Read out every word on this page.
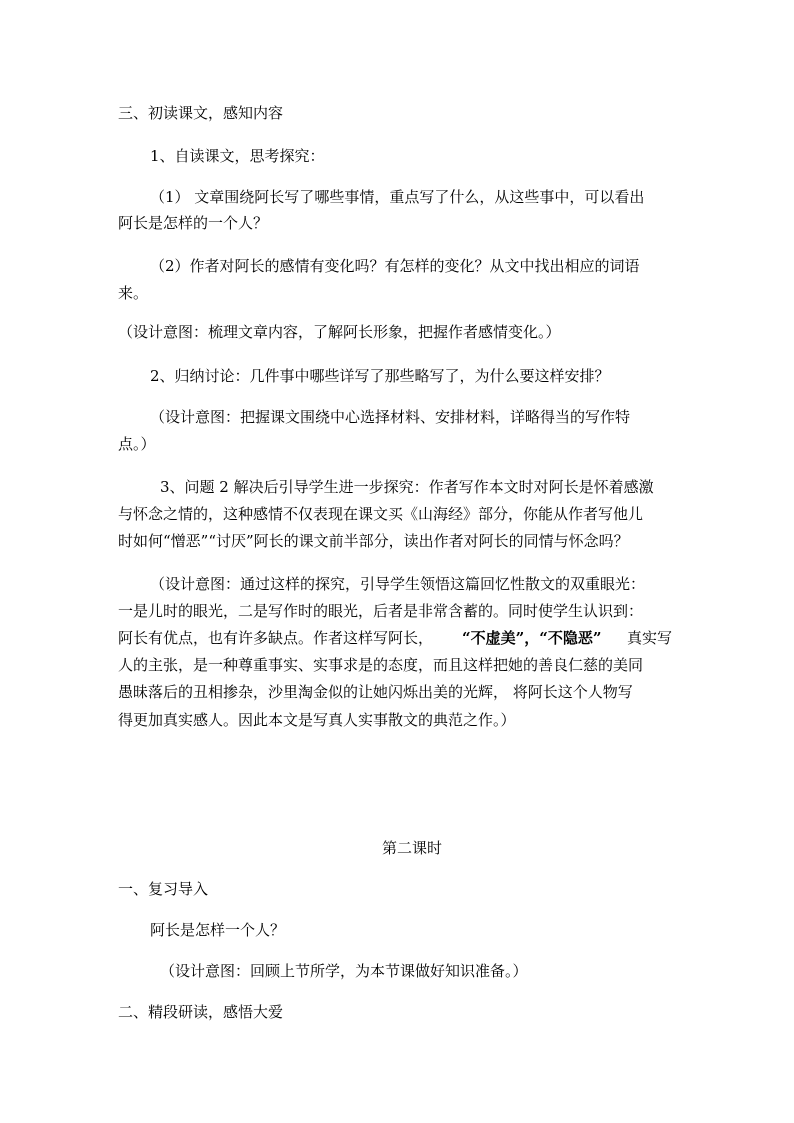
三、初读课文，感知内容
1、自读课文，思考探究：
（1） 文章围绕阿长写了哪些事情，重点写了什么，从这些事中，可以看出
阿长是怎样的一个人？
（2）作者对阿长的感情有变化吗？有怎样的变化？从文中找出相应的词语
来。
（设计意图：梳理文章内容，了解阿长形象，把握作者感情变化。）
2、归纳讨论：几件事中哪些详写了那些略写了，为什么要这样安排？
（设计意图：把握课文围绕中心选择材料、安排材料，详略得当的写作特
点。）
3、问题 2 解决后引导学生进一步探究：作者写作本文时对阿长是怀着感激
与怀念之情的，这种感情不仅表现在课文买《山海经》部分，你能从作者写他儿
时如何“憎恶”“讨厌”阿长的课文前半部分，读出作者对阿长的同情与怀念吗？
（设计意图：通过这样的探究，引导学生领悟这篇回忆性散文的双重眼光：
一是儿时的眼光，二是写作时的眼光，后者是非常含蓄的。同时使学生认识到：
阿长有优点，也有许多缺点。作者这样写阿长， “不虚美”，“不隐恶” 真实写
人的主张，是一种尊重事实、实事求是的态度，而且这样把她的善良仁慈的美同
愚昧落后的丑相掺杂，沙里淘金似的让她闪烁出美的光辉， 将阿长这个人物写
得更加真实感人。因此本文是写真人实事散文的典范之作。）
第二课时
一、复习导入
阿长是怎样一个人？
（设计意图：回顾上节所学，为本节课做好知识准备。）
二、精段研读，感悟大爱
